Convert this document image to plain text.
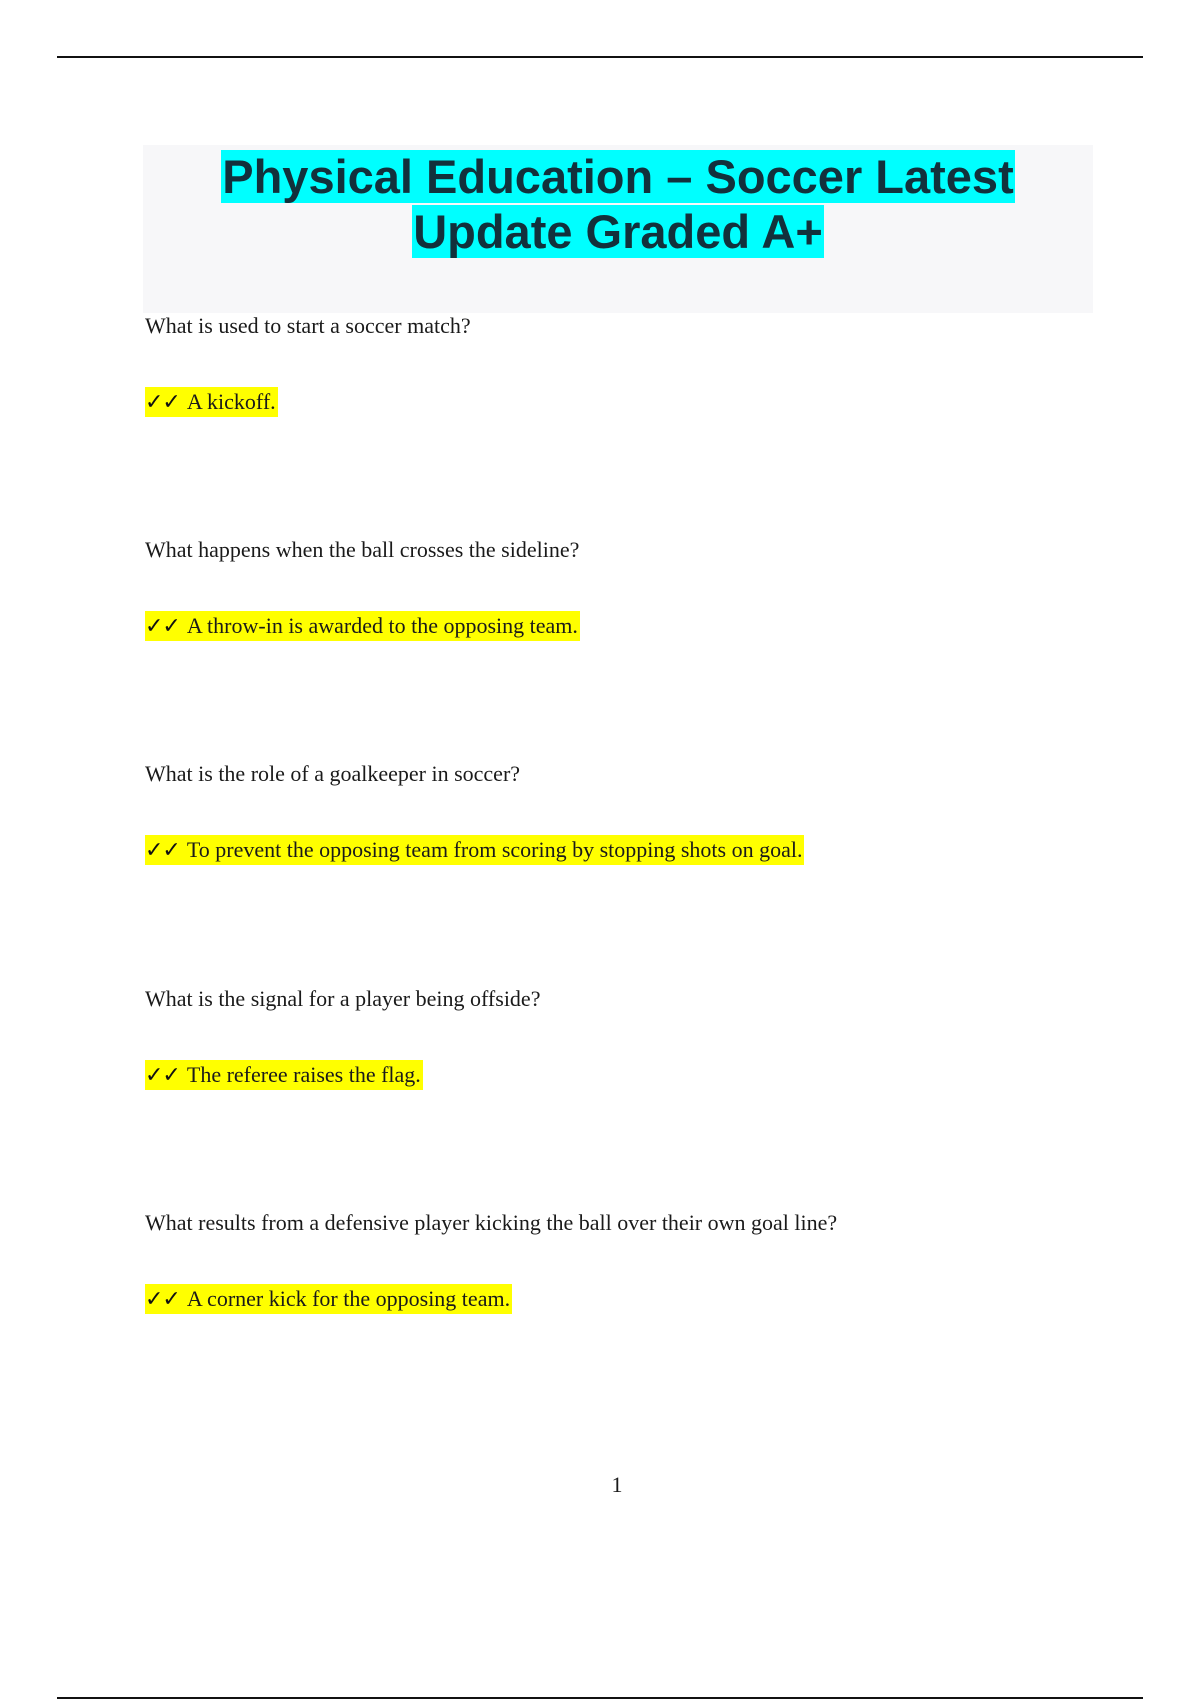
Physical Education – Soccer Latest
Update Graded A+

What is used to start a soccer match?

✓✓ A kickoff.

What happens when the ball crosses the sideline?

✓✓ A throw-in is awarded to the opposing team.

What is the role of a goalkeeper in soccer?

✓✓ To prevent the opposing team from scoring by stopping shots on goal.

What is the signal for a player being offside?

✓✓ The referee raises the flag.

What results from a defensive player kicking the ball over their own goal line?

✓✓ A corner kick for the opposing team.

1
